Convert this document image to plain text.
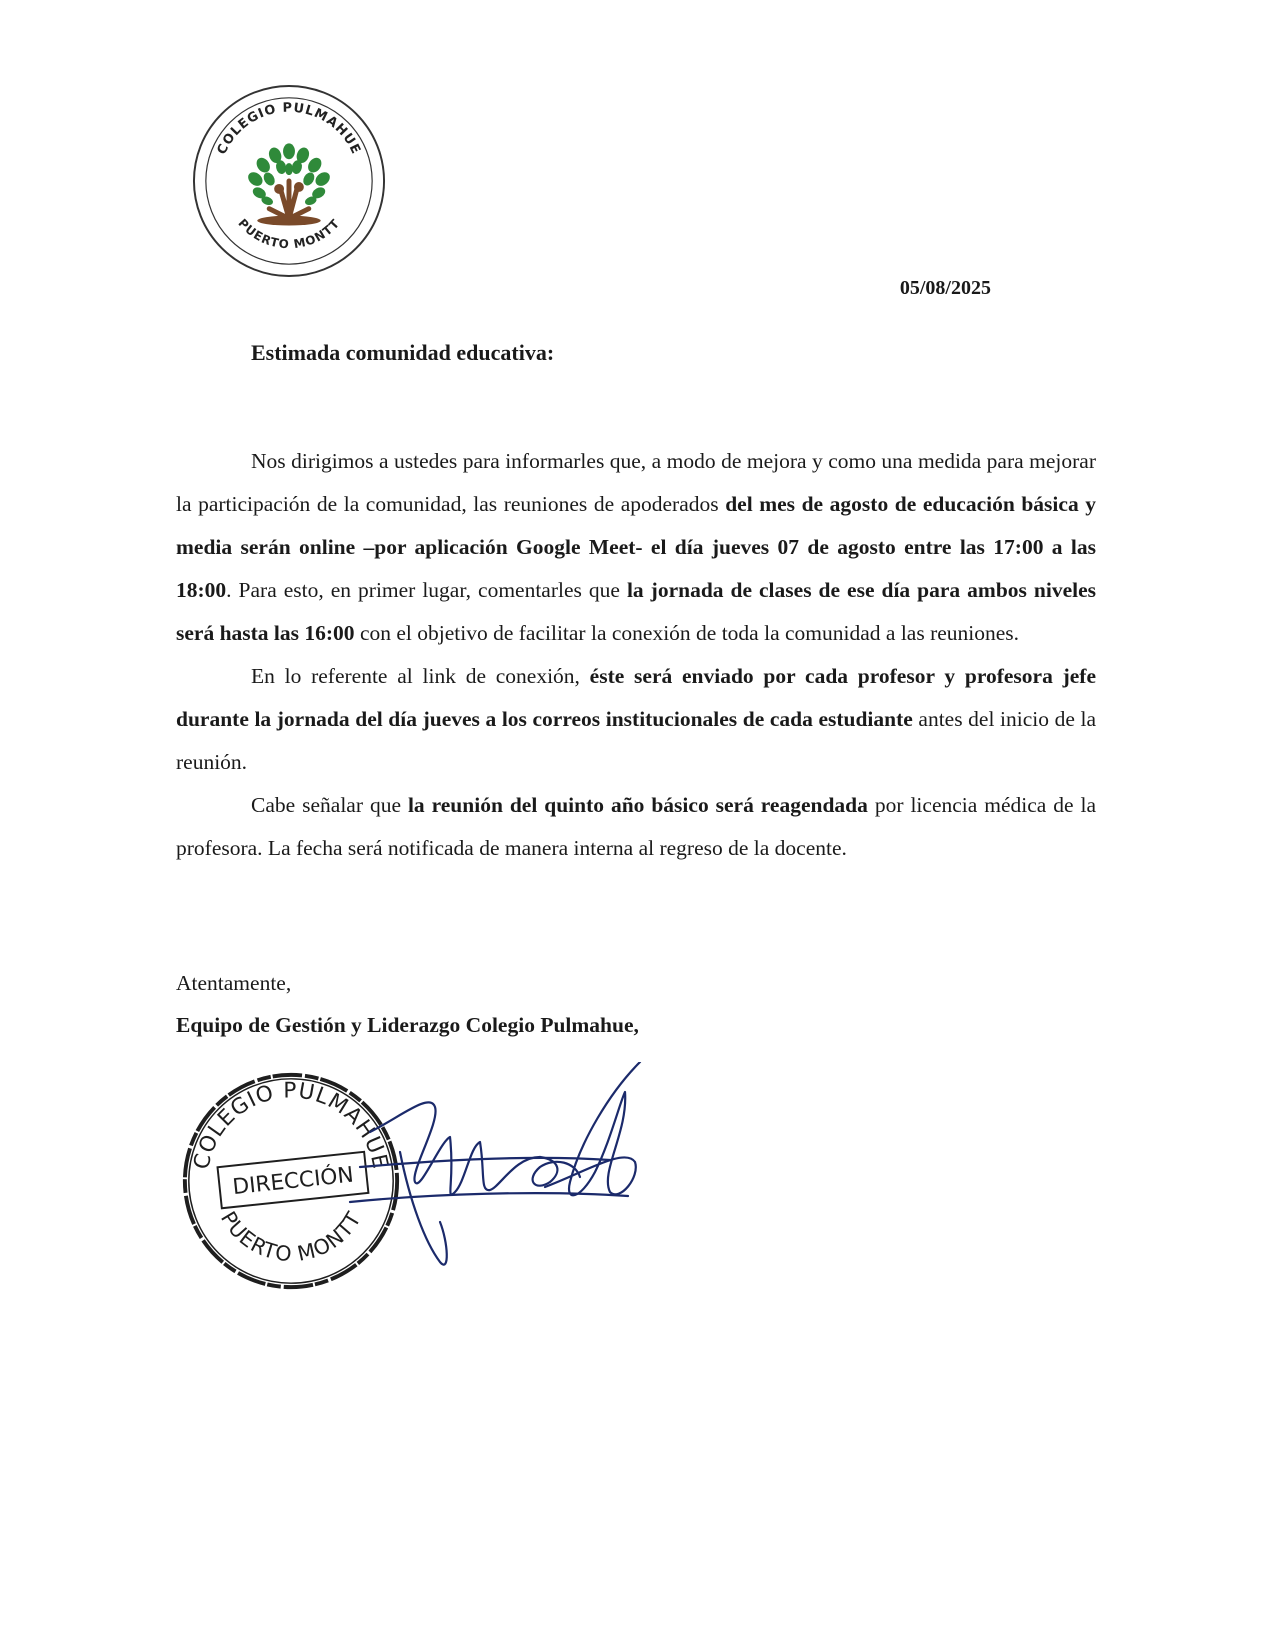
COLEGIO PULMAHUE
PUERTO MONTT
05/08/2025
Estimada comunidad educativa:

Nos dirigimos a ustedes para informarles que, a modo de mejora y como una medida para mejorar la participación de la comunidad, las reuniones de apoderados del mes de agosto de educación básica y media serán online –por aplicación Google Meet- el día jueves 07 de agosto entre las 17:00 a las 18:00. Para esto, en primer lugar, comentarles que la jornada de clases de ese día para ambos niveles será hasta las 16:00 con el objetivo de facilitar la conexión de toda la comunidad a las reuniones.

En lo referente al link de conexión, éste será enviado por cada profesor y profesora jefe durante la jornada del día jueves a los correos institucionales de cada estudiante antes del inicio de la reunión.

Cabe señalar que la reunión del quinto año básico será reagendada por licencia médica de la profesora. La fecha será notificada de manera interna al regreso de la docente.

Atentamente,
Equipo de Gestión y Liderazgo Colegio Pulmahue,
COLEGIO PULMAHUE
PUERTO MONTT
DIRECCIÓN
